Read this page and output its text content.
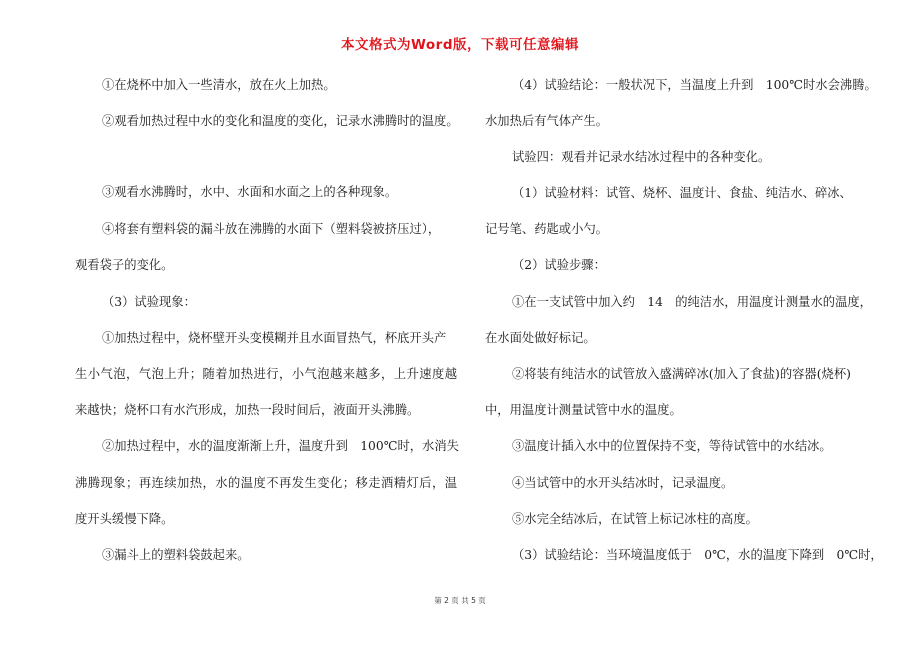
本文格式为Word版，下载可任意编辑
①在烧杯中加入一些清水，放在火上加热。
②观看加热过程中水的变化和温度的变化，记录水沸腾时的温度。
③观看水沸腾时，水中、水面和水面之上的各种现象。
④将套有塑料袋的漏斗放在沸腾的水面下（塑料袋被挤压过），
观看袋子的变化。
（3）试验现象：
①加热过程中，烧杯壁开头变模糊并且水面冒热气，杯底开头产
生小气泡，气泡上升；随着加热进行，小气泡越来越多，上升速度越
来越快；烧杯口有水汽形成，加热一段时间后，液面开头沸腾。
②加热过程中，水的温度渐渐上升，温度升到　100℃时，水消失
沸腾现象；再连续加热，水的温度不再发生变化；移走酒精灯后，温
度开头缓慢下降。
③漏斗上的塑料袋鼓起来。
（4）试验结论：一般状况下，当温度上升到　100℃时水会沸腾。
水加热后有气体产生。
试验四：观看并记录水结冰过程中的各种变化。
（1）试验材料：试管、烧杯、温度计、食盐、纯洁水、碎冰、
记号笔、药匙或小勺。
（2）试验步骤：
①在一支试管中加入约　14　的纯洁水，用温度计测量水的温度，
在水面处做好标记。
②将装有纯洁水的试管放入盛满碎冰(加入了食盐)的容器(烧杯)
中，用温度计测量试管中水的温度。
③温度计插入水中的位置保持不变，等待试管中的水结冰。
④当试管中的水开头结冰时，记录温度。
⑤水完全结冰后，在试管上标记冰柱的高度。
（3）试验结论：当环境温度低于　0℃，水的温度下降到　0℃时，
第 2 页 共 5 页
